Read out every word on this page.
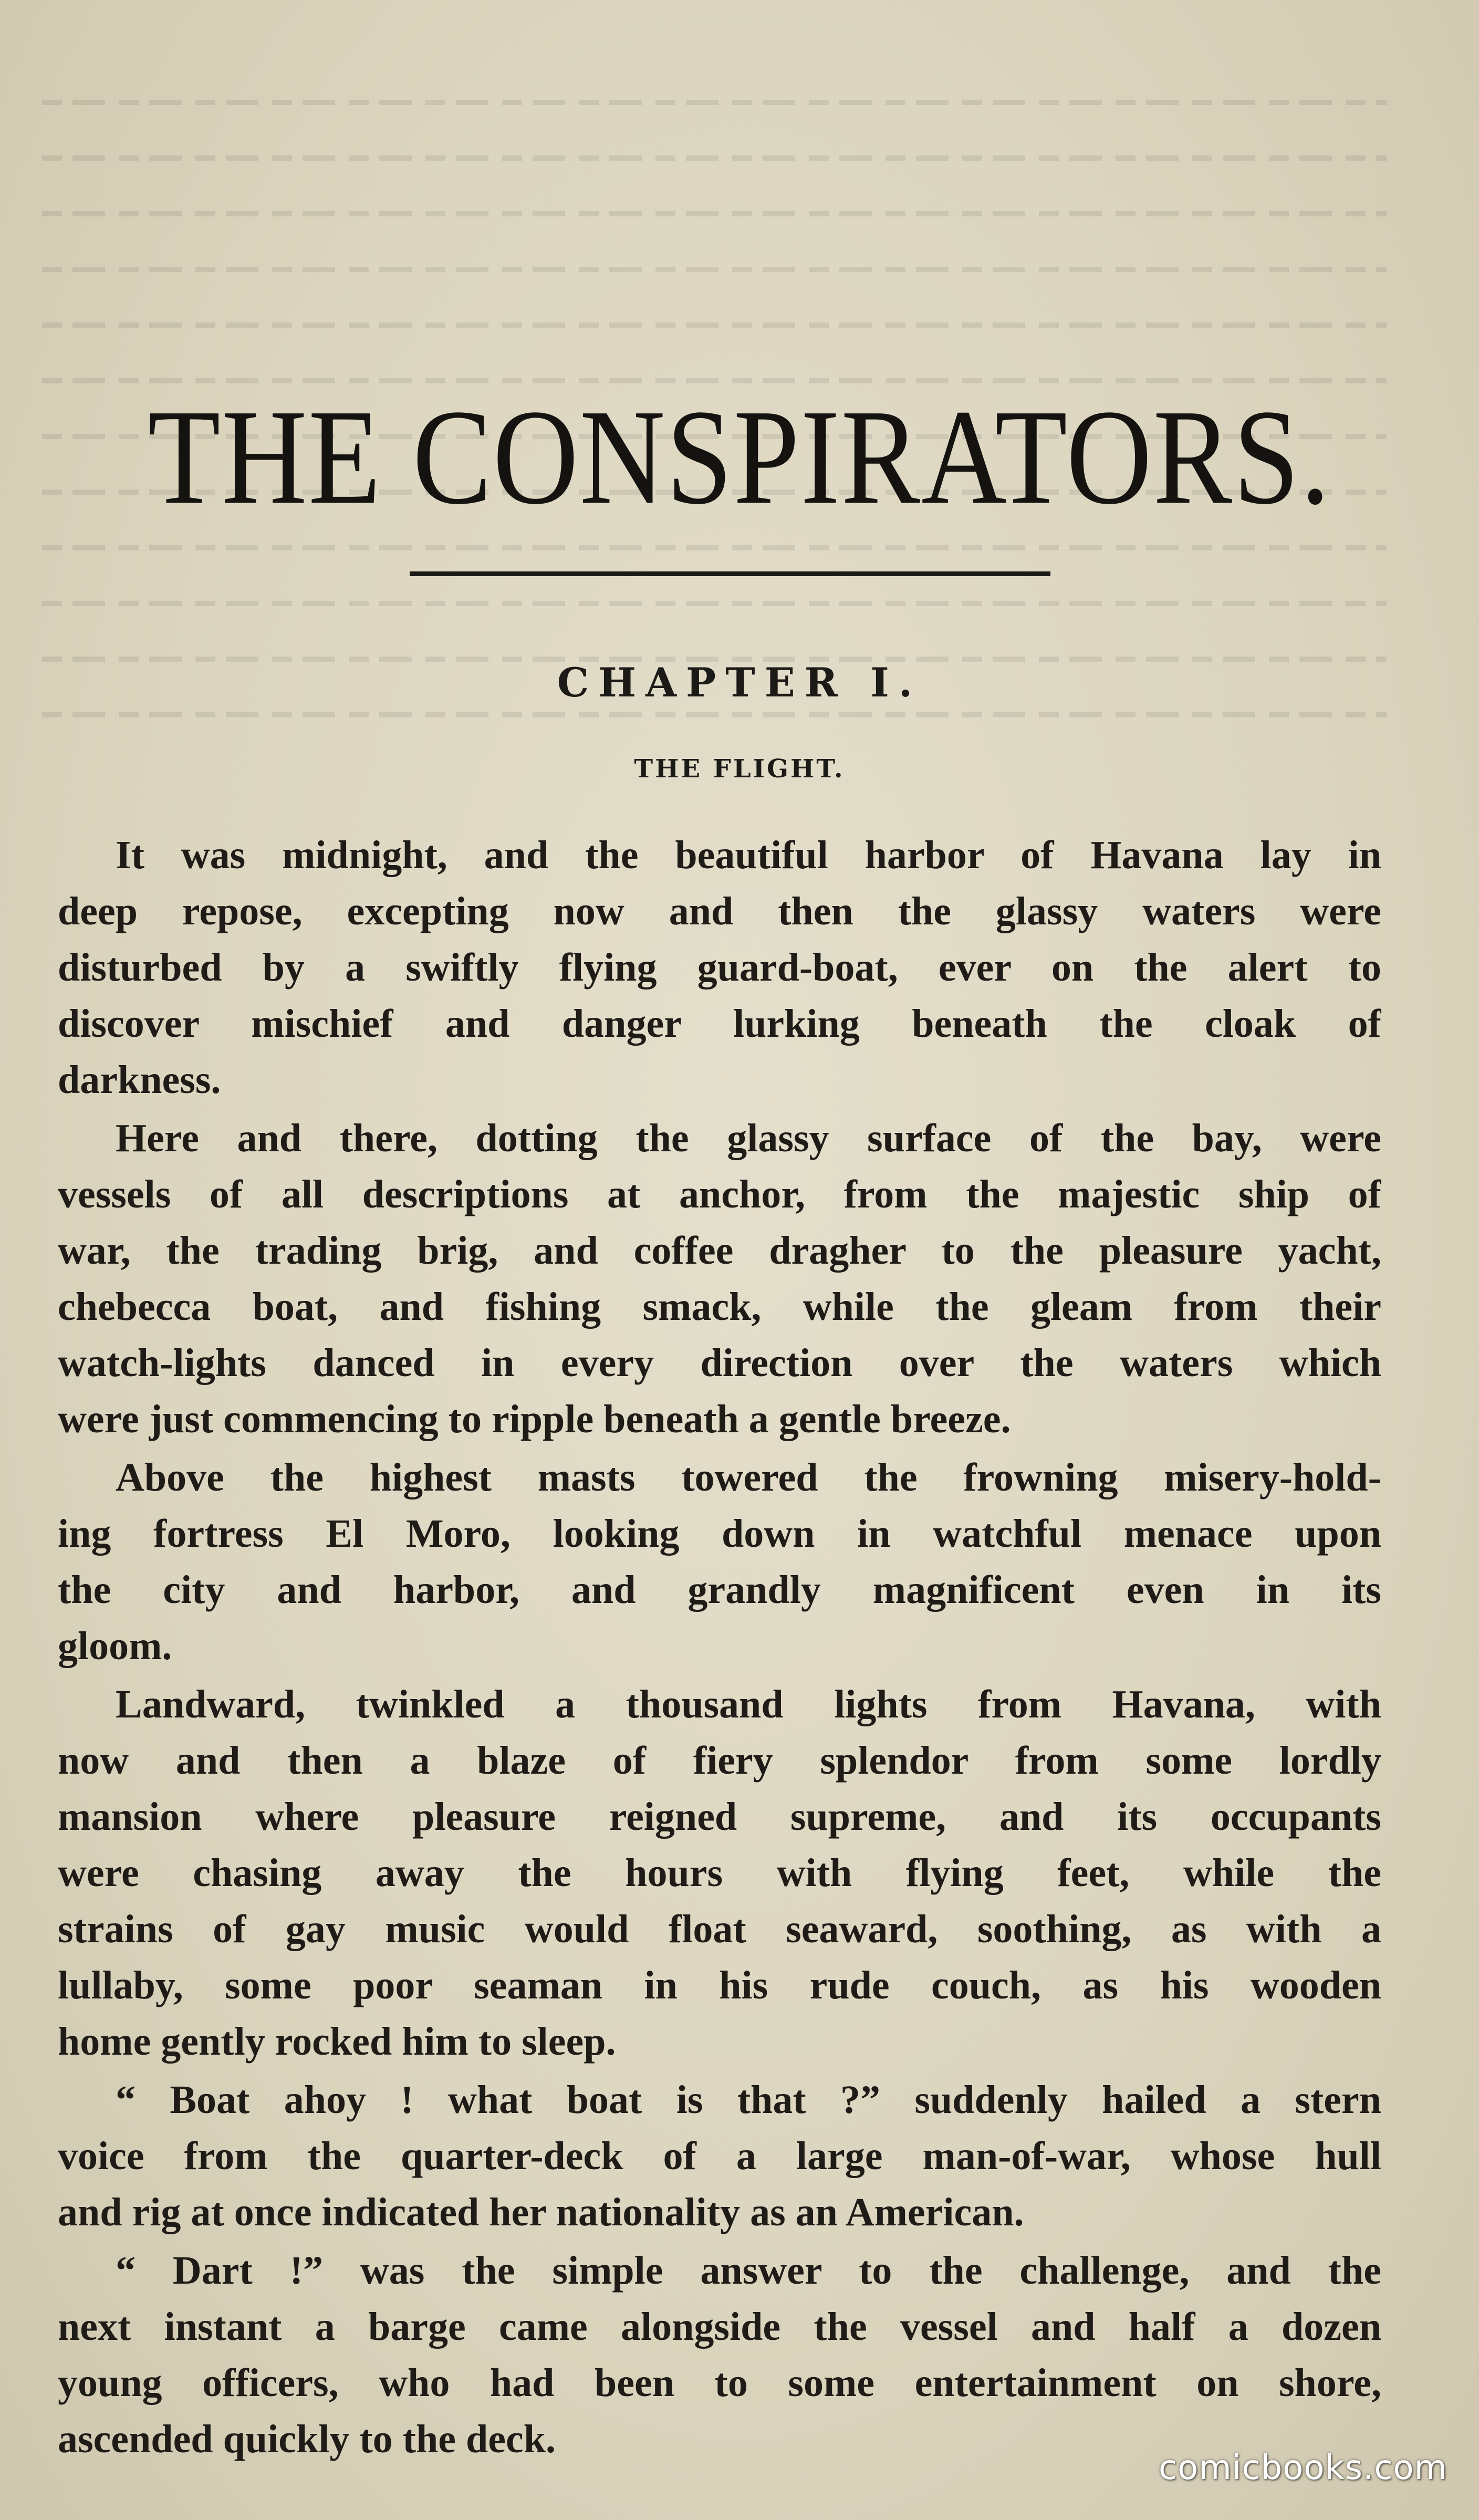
THE CONSPIRATORS.
CHAPTER I.
THE FLIGHT.
It was midnight, and the beautiful harbor of Havana lay in
deep repose, excepting now and then the glassy waters were
disturbed by a swiftly flying guard-boat, ever on the alert to
discover mischief and danger lurking beneath the cloak of
darkness.
Here and there, dotting the glassy surface of the bay, were
vessels of all descriptions at anchor, from the majestic ship of
war, the trading brig, and coffee dragher to the pleasure yacht,
chebecca boat, and fishing smack, while the gleam from their
watch-lights danced in every direction over the waters which
were just commencing to ripple beneath a gentle breeze.
Above the highest masts towered the frowning misery-hold-
ing fortress El Moro, looking down in watchful menace upon
the city and harbor, and grandly magnificent even in its
gloom.
Landward, twinkled a thousand lights from Havana, with
now and then a blaze of fiery splendor from some lordly
mansion where pleasure reigned supreme, and its occupants
were chasing away the hours with flying feet, while the
strains of gay music would float seaward, soothing, as with a
lullaby, some poor seaman in his rude couch, as his wooden
home gently rocked him to sleep.
“ Boat ahoy ! what boat is that ?” suddenly hailed a stern
voice from the quarter-deck of a large man-of-war, whose hull
and rig at once indicated her nationality as an American.
“ Dart !” was the simple answer to the challenge, and the
next instant a barge came alongside the vessel and half a dozen
young officers, who had been to some entertainment on shore,
ascended quickly to the deck.
comicbooks.com
